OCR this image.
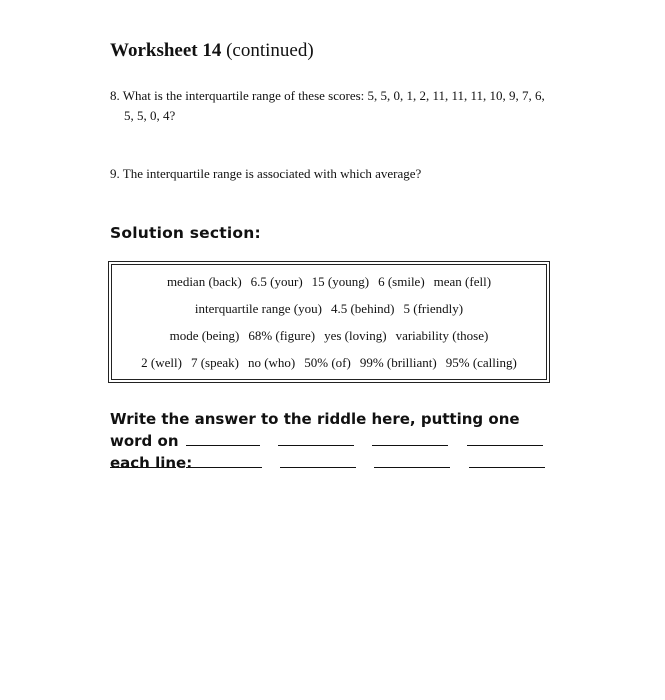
Worksheet 14 (continued)
8. What is the interquartile range of these scores: 5, 5, 0, 1, 2, 11, 11, 11, 10, 9, 7, 6,
5, 5, 0, 4?
9. The interquartile range is associated with which average?
Solution section:
median (back) 6.5 (your) 15 (young) 6 (smile) mean (fell)
interquartile range (you) 4.5 (behind) 5 (friendly)
mode (being) 68% (figure) yes (loving) variability (those)
2 (well) 7 (speak) no (who) 50% (of) 99% (brilliant) 95% (calling)
Write the answer to the riddle here, putting one word on
each line:
